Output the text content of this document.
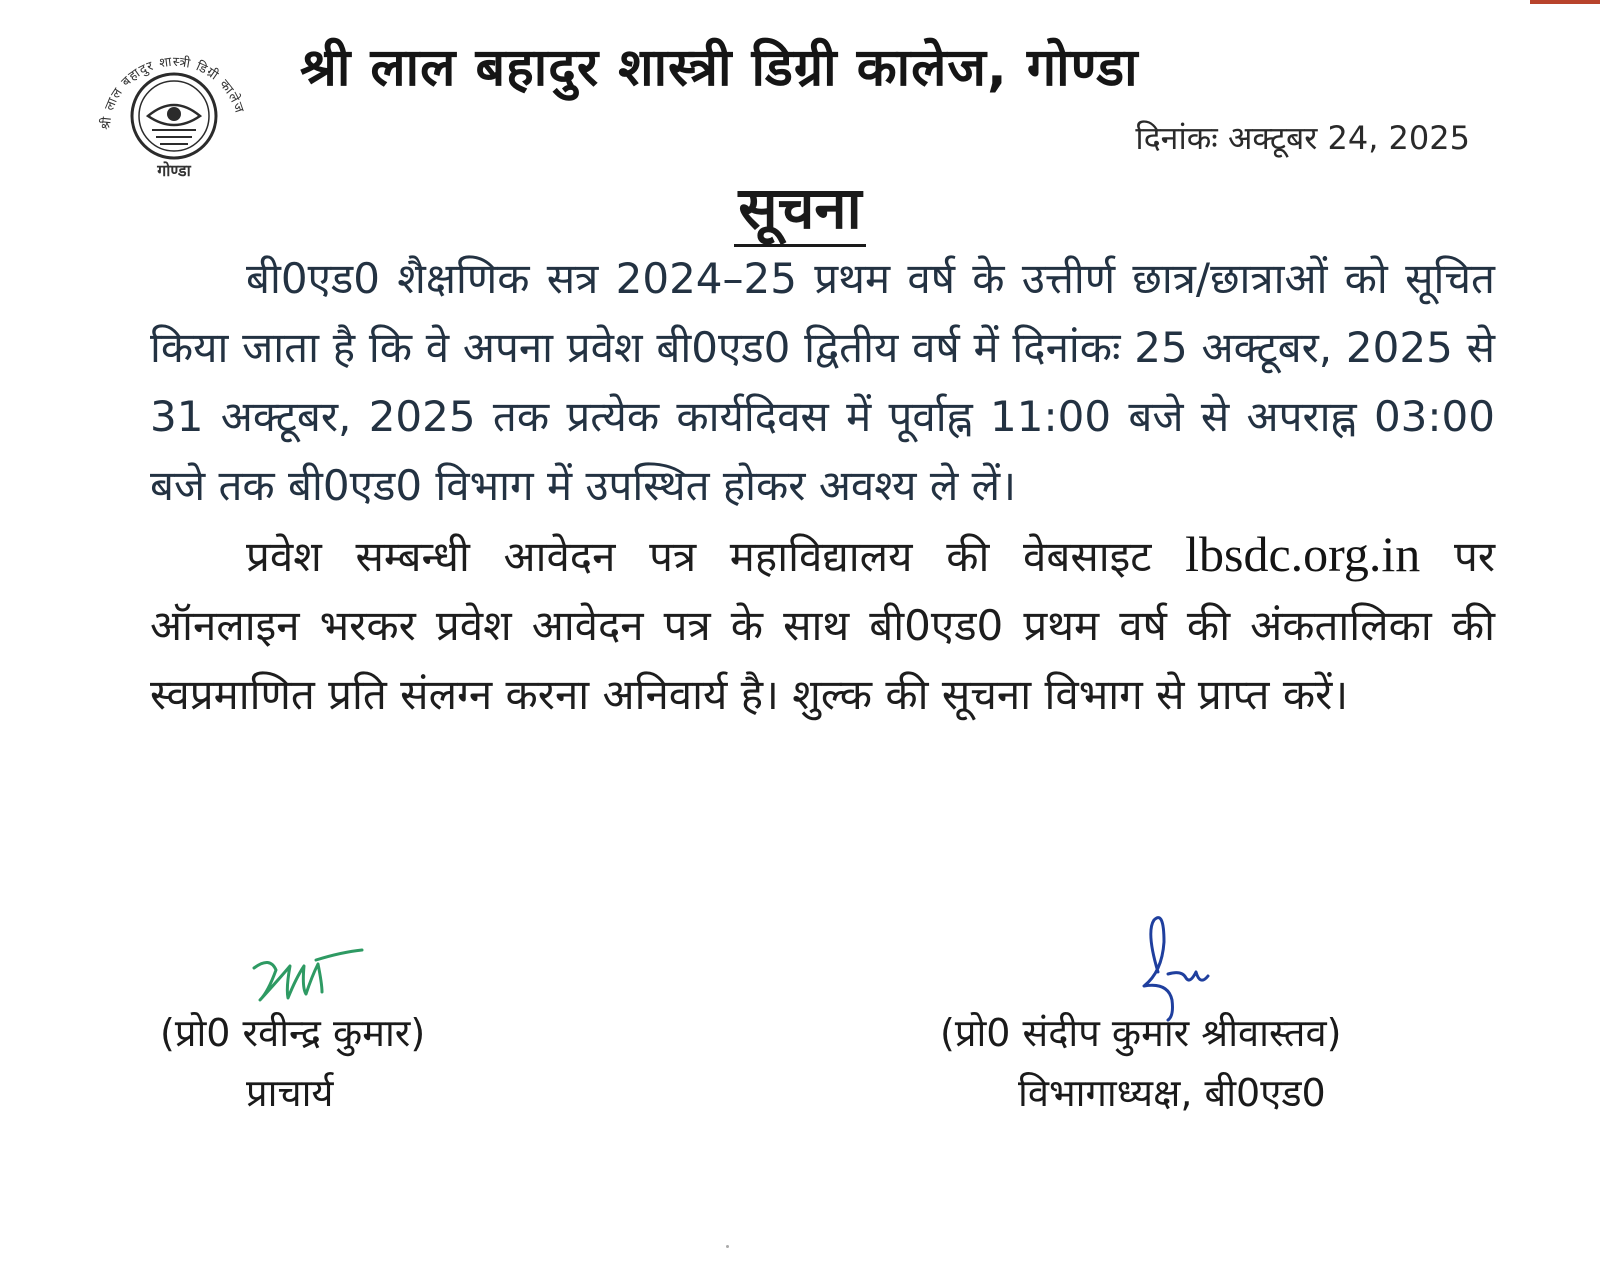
श्री लाल बहादुर शास्त्री डिग्री कालेज
गोण्डा
श्री लाल बहादुर शास्त्री डिग्री कालेज, गोण्डा
दिनांकः अक्टूबर 24, 2025
सूचना

बी0एड0 शैक्षणिक सत्र 2024–25 प्रथम वर्ष के उत्तीर्ण छात्र/छात्राओं को सूचित किया जाता है कि वे अपना प्रवेश बी0एड0 द्वितीय वर्ष में दिनांकः 25 अक्टूबर, 2025 से 31 अक्टूबर, 2025 तक प्रत्येक कार्यदिवस में पूर्वाह्न 11:00 बजे से अपराह्न 03:00 बजे तक बी0एड0 विभाग में उपस्थित होकर अवश्य ले लें।

प्रवेश सम्बन्धी आवेदन पत्र महाविद्यालय की वेबसाइट lbsdc.org.in पर ऑनलाइन भरकर प्रवेश आवेदन पत्र के साथ बी0एड0 प्रथम वर्ष की अंकतालिका की स्वप्रमाणित प्रति संलग्न करना अनिवार्य है। शुल्क की सूचना विभाग से प्राप्त करें।

(प्रो0 रवीन्द्र कुमार)
प्राचार्य
(प्रो0 संदीप कुमार श्रीवास्तव)
विभागाध्यक्ष, बी0एड0
